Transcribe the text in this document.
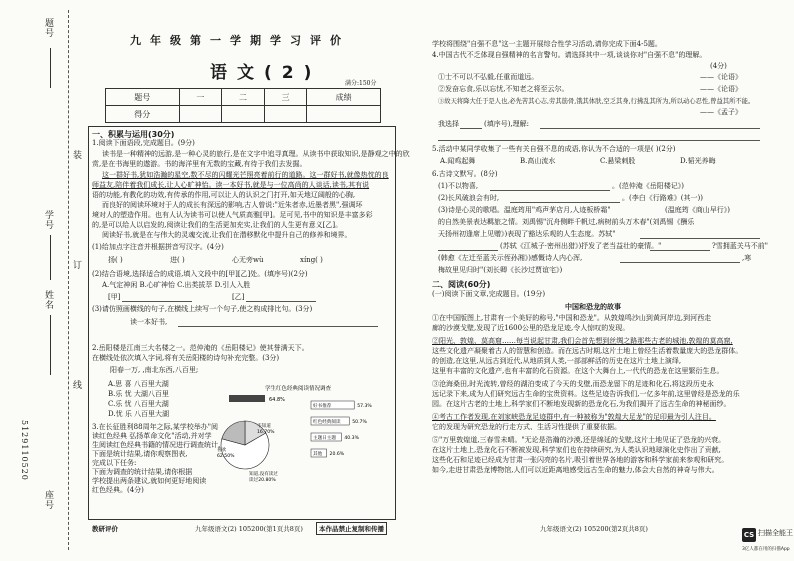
题号
姓名
学号
座号
5129110520
装
订
线
九年级第一学期学习评价
语文(2)
满分:150分
题号	一	二	三	成绩
得分				
一、积累与运用(30分)
1.阅读下面语段,完成题目。(9分)
读书是一种精神的远游,是一种心灵的旅行,是在文字中追寻真理。从读书中获取知识,是静观之中的欣
赏,是在书海里的遨游。书的海洋里有无数的宝藏,有待于我们去发掘。
这一群好书,犹如浩瀚的星空,数不尽的闪耀光芒照亮着前行的道路。这一群好书,就像热忱的良
师益友,陪伴着我们成长,让人心旷神怡。读一本好书,就是与一位高尚的人谈话,读书,其有说
语的功能,有教化的功效,有传承的作用,可以让人的认识之门打开,如天地辽阔般的心胸,
而良好的阅读环境对于人的成长有深远的影响,古人曾说:"近朱者赤,近墨者黑",强调环
境对人的塑造作用。也有人认为读书可以使人气质高雅[甲]。足可见,书中的知识是丰富多彩
的,是可以给人以启发的,阅读让我们的生活更加充实,让我们的人生更有意义[乙]。
阅读好书,就是在与伟大的灵魂交流,让我们在潜移默化中提升自己的修养和境界。
(1)给加点字注音并根据拼音写汉字。(4分)
扬( )	进( )	心无旁wù	xíng( )
(2)结合语境,选择适合的成语,填入文段中的[甲][乙]处。(填序号)(2分)
A.气定神闲 B.心旷神怡 C.出类拔萃 D.引人入胜
[甲]	[乙]
(3)请仿照画横线的句子,在横线上续写一个句子,使之构成排比句。(3分)
读一本好书,
2.岳阳楼是江南三大名楼之一。范仲淹的《岳阳楼记》使其誉满天下。
在横线处依次填入字词,将有关岳阳楼的诗句补充完整。(3分)
阳春一万, ,南北东西,八百里;
A.思 喜 八百里大湖
B.乐 忧 大湖八百里
C.乐 忧 八百里大湖
D.忧 乐 八百里大湖
3.在长征胜利88周年之际,某学校举办"阅
读红色经典 弘扬革命文化"活动,并对学
生阅读红色经典书籍的情况进行调查统计,
下面是统计结果,请你观察图表,
完成以下任务:
下面为调查的统计结果,请你根据
学校提出两条建议,就如何更好地阅读
红色经典。(4分)
学生红色经典阅读情况调查
64.8%
不知道
16.70%
喜欢
62.50%
知道,没有读过
读过20.80%
好书推荐	57.3%
红色经典阅读	50.7%
主题日主题 40.3%
其他 20.6%
教研评价	九年级语文(2) 105200(第1页共8页)	本作品禁止复制和传播
学校将围绕"自强不息"这一主题开展综合性学习活动,请你完成下面4-5题。
4.中国古代不乏体现自强精神的名言警句。请选择其中一项,谈谈你对"自强不息"的理解。
(4分)
①士不可以不弘毅,任重而道远。	——《论语》
②发奋忘食,乐以忘忧,不知老之将至云尔。	——《论语》
③故天将降大任于是人也,必先苦其心志,劳其筋骨,饿其体肤,空乏其身,行拂乱其所为,所以动心忍性,曾益其所不能。
——《孟子》
我选择	(填序号),理解:
5.活动中某同学收集了一些有关自强不息的成语,你认为不合适的一项是( )(2分)
A.闻鸡起舞	B.高山流水	C.悬梁刺股	D.韬光养晦
6.古诗文默写。(8分)
(1)不以物喜,	。(范仲淹《岳阳楼记》)
(2)长风破浪会有时,	。(李白《行路难》(其一))
(3)诗是心灵的歌唱。温庭筠用"鸡声茅店月,人迹板桥霜"	(温庭筠《商山早行》)
的自然美景表达羁旅之情。刘禹锡"沉舟侧畔千帆过,病树前头万木春"(刘禹锡《酬乐
天扬州初逢席上见赠》)表现了豁达乐观的人生态度。苏轼"
(苏轼《江城子·密州出猎》)抒发了老当益壮的豪情。"	?雪拥蓝关马不前"
(韩愈《左迁至蓝关示侄孙湘》)感慨诗人内心浑,	,寒
梅故里见归时"(刘长卿《长沙过贾谊宅》)
二、阅读(60分)
(一)阅读下面文章,完成题目。(19分)
中国和恐龙的故事
①在中国版图上,甘肃有一个美好的称号,"中国和恐龙"。从敦煌鸣沙山到黄河岸边,到河西走
廊的沙漠戈壁,发现了近1600公里的恐龙足迹,令人惊叹的发现。
②阳光、敦煌、莫高窟……每当说起甘肃,我们会首先想到丝绸之路那些古老的城池,敦煌的莫高窟,
这些文化遗产凝聚着古人的智慧和创造。而在远古时期,这片土地上曾经生活着数量庞大的恐龙群体。
的创造,在这里,从远古到近代,从地质到人类,一部部鲜活的历史在这片土地上演绎,
这里有丰富的文化遗产,也有丰富的化石资源。在这个大舞台上,一代代的恐龙在这里繁衍生息。
③沧海桑田,时光流转,曾经的湖泊变成了今天的戈壁,而恐龙留下的足迹和化石,将这段历史永
远记录下来,成为人们研究远古生命的宝贵资料。这些足迹告诉我们,一亿多年前,这里曾经是恐龙的乐
园。在这片古老的土地上,科学家们不断地发现新的恐龙化石,为我们揭开了远古生命的神秘面纱。
④考古工作者发现,在刘家峡恐龙足迹群中,有一种被称为"敦煌大足龙"的足印最为引人注目。
它的发现为研究恐龙的行走方式、生活习性提供了重要依据。
⑤"万里敦煌道,三春雪未晴。"无论是浩瀚的沙漠,还是绵延的戈壁,这片土地见证了恐龙的兴衰。
在这片土地上,恐龙化石不断被发现,科学家们也在持续研究,为人类认识地球演化史作出了贡献,
这些化石和足迹已经成为甘肃一张闪亮的名片,吸引着世界各地的游客和科学家前来参观和研究。
如今,走进甘肃恐龙博物馆,人们可以近距离地感受远古生命的魅力,体会大自然的神奇与伟大。
九年级语文(2) 105200(第2页共8页)
CS 扫描全能王
3亿人都在用的扫描App
